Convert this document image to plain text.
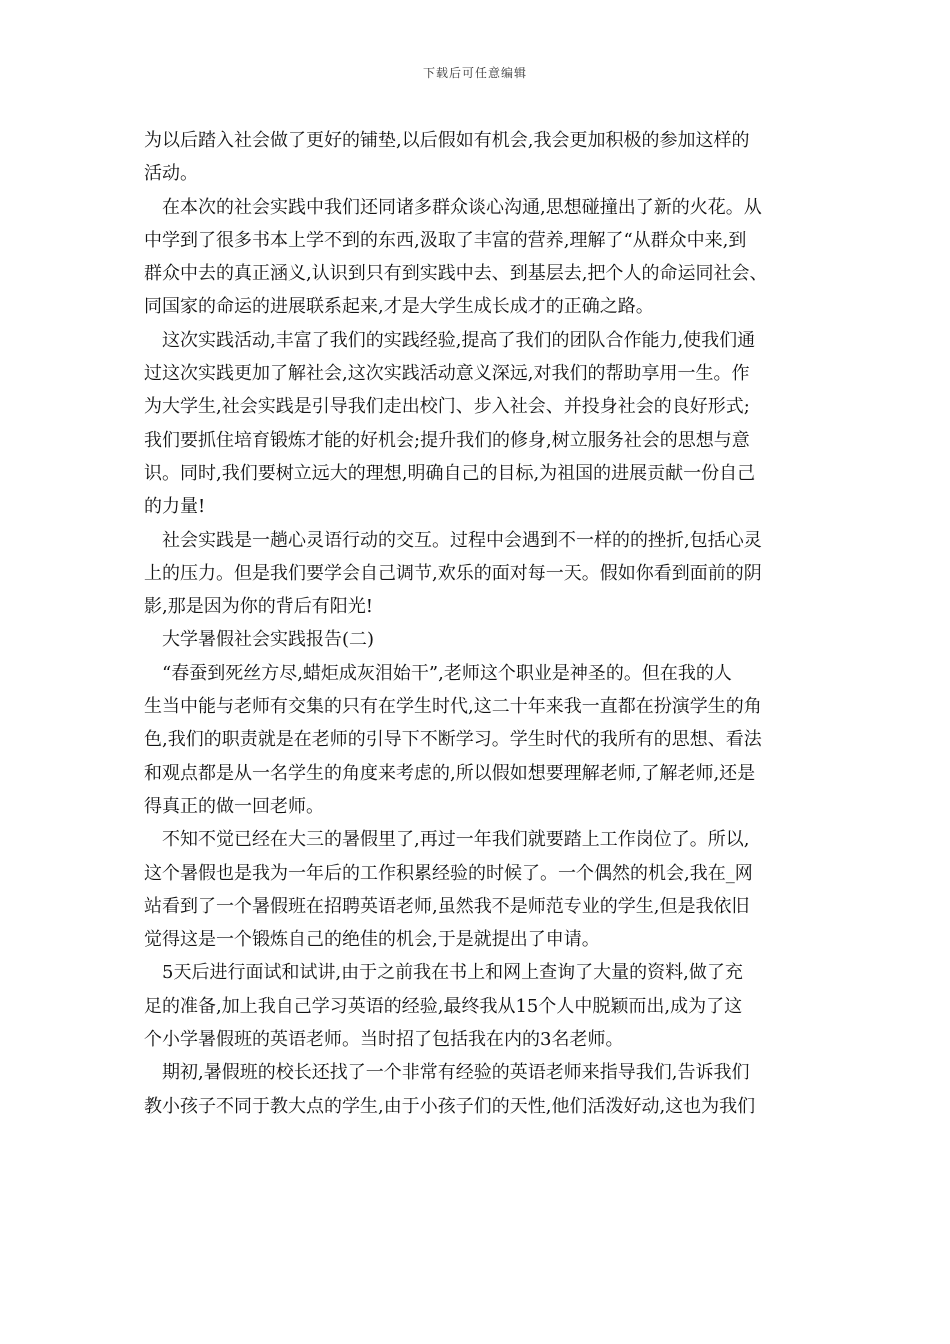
下载后可任意编辑
为以后踏入社会做了更好的铺垫,以后假如有机会,我会更加积极的参加这样的
活动。
　在本次的社会实践中我们还同诸多群众谈心沟通,思想碰撞出了新的火花。从
中学到了很多书本上学不到的东西,汲取了丰富的营养,理解了“从群众中来,到
群众中去的真正涵义,认识到只有到实践中去、到基层去,把个人的命运同社会、
同国家的命运的进展联系起来,才是大学生成长成才的正确之路。
　这次实践活动,丰富了我们的实践经验,提高了我们的团队合作能力,使我们通
过这次实践更加了解社会,这次实践活动意义深远,对我们的帮助享用一生。作
为大学生,社会实践是引导我们走出校门、步入社会、并投身社会的良好形式;
我们要抓住培育锻炼才能的好机会;提升我们的修身,树立服务社会的思想与意
识。同时,我们要树立远大的理想,明确自己的目标,为祖国的进展贡献一份自己
的力量!
　社会实践是一趟心灵语行动的交互。过程中会遇到不一样的的挫折,包括心灵
上的压力。但是我们要学会自己调节,欢乐的面对每一天。假如你看到面前的阴
影,那是因为你的背后有阳光!
　大学暑假社会实践报告(二)
　“春蚕到死丝方尽,蜡炬成灰泪始干”,老师这个职业是神圣的。但在我的人
生当中能与老师有交集的只有在学生时代,这二十年来我一直都在扮演学生的角
色,我们的职责就是在老师的引导下不断学习。学生时代的我所有的思想、看法
和观点都是从一名学生的角度来考虑的,所以假如想要理解老师,了解老师,还是
得真正的做一回老师。
　不知不觉已经在大三的暑假里了,再过一年我们就要踏上工作岗位了。所以,
这个暑假也是我为一年后的工作积累经验的时候了。一个偶然的机会,我在_网
站看到了一个暑假班在招聘英语老师,虽然我不是师范专业的学生,但是我依旧
觉得这是一个锻炼自己的绝佳的机会,于是就提出了申请。
　5天后进行面试和试讲,由于之前我在书上和网上查询了大量的资料,做了充
足的准备,加上我自己学习英语的经验,最终我从15个人中脱颖而出,成为了这
个小学暑假班的英语老师。当时招了包括我在内的3名老师。
　期初,暑假班的校长还找了一个非常有经验的英语老师来指导我们,告诉我们
教小孩子不同于教大点的学生,由于小孩子们的天性,他们活泼好动,这也为我们
